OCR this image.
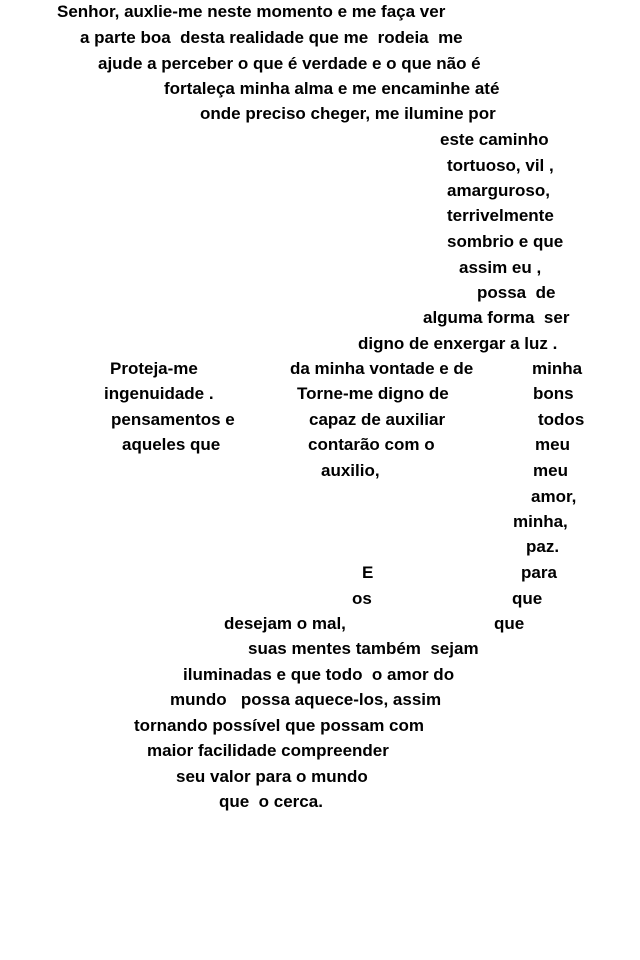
Senhor, auxlie-me neste momento e me faça ver
a parte boa  desta realidade que me  rodeia  me
ajude a perceber o que é verdade e o que não é
fortaleça minha alma e me encaminhe até
onde preciso cheger, me ilumine por
este caminho
tortuoso, vil ,
amarguroso,
terrivelmente
sombrio e que
assim eu ,
possa  de
alguma forma  ser
digno de enxergar a luz .
Proteja-me	da minha vontade e de	minha
ingenuidade .	Torne-me digno de	bons
pensamentos e	capaz de auxiliar	todos
aqueles que	contarão com o	meu
auxilio,	meu
amor,
minha,
paz.
E	para
os	que
desejam o mal,	que
suas mentes também  sejam
iluminadas e que todo  o amor do
mundo   possa aquece-los, assim
tornando possível que possam com
maior facilidade compreender
seu valor para o mundo
que  o cerca.
